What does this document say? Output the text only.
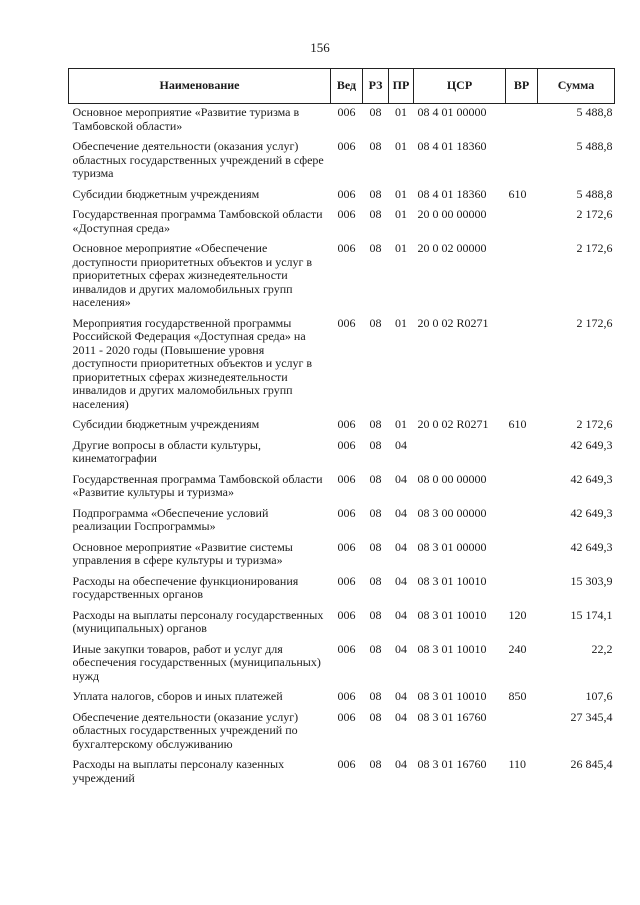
156
Наименование	Вед	РЗ	ПР	ЦСР	ВР	Сумма
Основное мероприятие «Развитие туризма в Тамбовской области»	006	08	01	08 4 01 00000		5 488,8
Обеспечение деятельности (оказания услуг) областных государственных учреждений в сфере туризма	006	08	01	08 4 01 18360		5 488,8
Субсидии бюджетным учреждениям	006	08	01	08 4 01 18360	610	5 488,8
Государственная программа Тамбовской области «Доступная среда»	006	08	01	20 0 00 00000		2 172,6
Основное мероприятие «Обеспечение доступности приоритетных объектов и услуг в приоритетных сферах жизнедеятельности инвалидов и других маломобильных групп населения»	006	08	01	20 0 02 00000		2 172,6
Мероприятия государственной программы Российской Федерация «Доступная среда» на 2011 - 2020 годы (Повышение уровня доступности приоритетных объектов и услуг в приоритетных сферах жизнедеятельности инвалидов и других маломобильных групп населения)	006	08	01	20 0 02 R0271		2 172,6
Субсидии бюджетным учреждениям	006	08	01	20 0 02 R0271	610	2 172,6
Другие вопросы в области культуры, кинематографии	006	08	04			42 649,3
Государственная программа Тамбовской области «Развитие культуры и туризма»	006	08	04	08 0 00 00000		42 649,3
Подпрограмма «Обеспечение условий реализации Госпрограммы»	006	08	04	08 3 00 00000		42 649,3
Основное мероприятие «Развитие системы управления в сфере культуры и туризма»	006	08	04	08 3 01 00000		42 649,3
Расходы на обеспечение функционирования государственных органов	006	08	04	08 3 01 10010		15 303,9
Расходы на выплаты персоналу государственных (муниципальных) органов	006	08	04	08 3 01 10010	120	15 174,1
Иные закупки товаров, работ и услуг для обеспечения государственных (муниципальных) нужд	006	08	04	08 3 01 10010	240	22,2
Уплата налогов, сборов и иных платежей	006	08	04	08 3 01 10010	850	107,6
Обеспечение деятельности (оказание услуг) областных государственных учреждений по бухгалтерскому обслуживанию	006	08	04	08 3 01 16760		27 345,4
Расходы на выплаты персоналу казенных учреждений	006	08	04	08 3 01 16760	110	26 845,4
